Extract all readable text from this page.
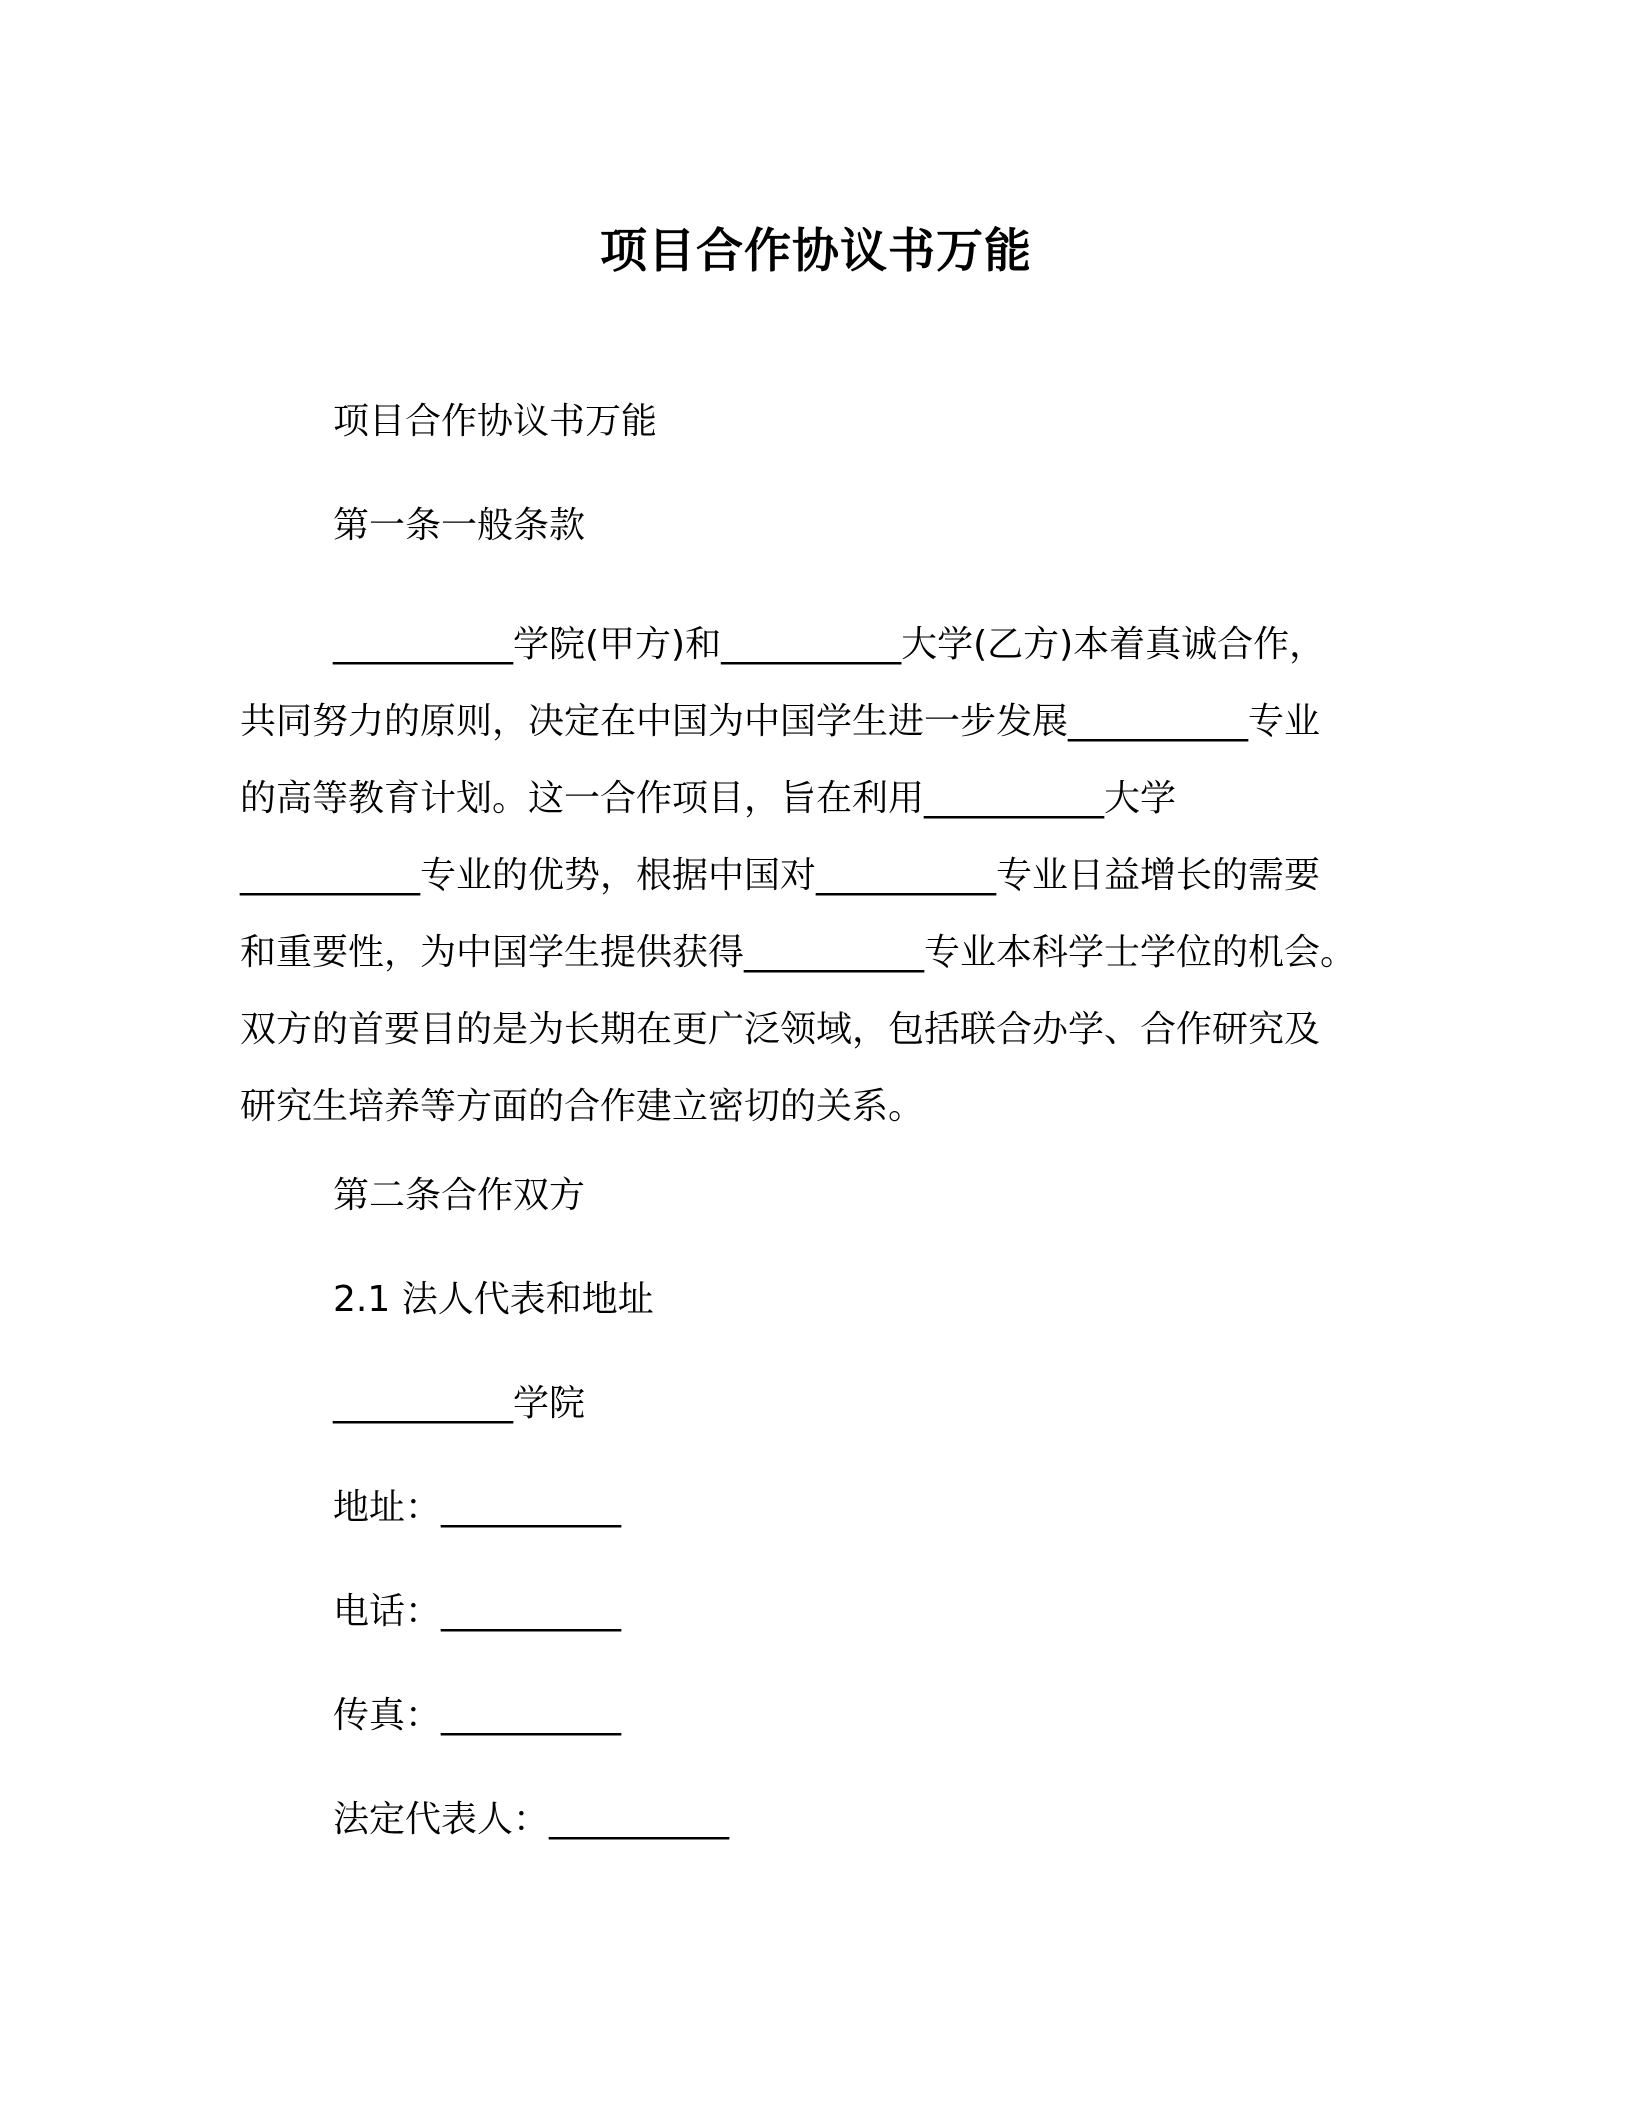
项目合作协议书万能
项目合作协议书万能
第一条一般条款
__________学院(甲方)和__________大学(乙方)本着真诚合作，
共同努力的原则，决定在中国为中国学生进一步发展__________专业
的高等教育计划。这一合作项目，旨在利用__________大学
__________专业的优势，根据中国对__________专业日益增长的需要
和重要性，为中国学生提供获得__________专业本科学士学位的机会。
双方的首要目的是为长期在更广泛领域，包括联合办学、合作研究及
研究生培养等方面的合作建立密切的关系。
第二条合作双方
2.1 法人代表和地址
__________学院
地址：__________
电话：__________
传真：__________
法定代表人：__________
